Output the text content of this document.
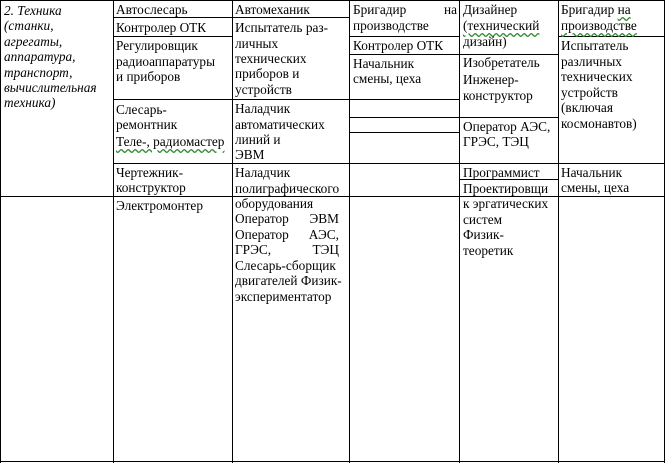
2. Техника
(станки,
агрегаты,
аппаратура,
транспорт,
вычислительная
техника)
Автослесарь
Контролер ОТК
Регулировщик
радиоаппаратуры
и приборов
Слесарь-
ремонтник
Теле-, радиомастер
Чертежник-
конструктор
Электромонтер
Автомеханик
Испытатель раз-
личных
технических
приборов и
устройств
Наладчик
автоматических
линий и
ЭВМ
Наладчик
полиграфического
оборудования
Оператор ЭВМ
Оператор АЭС,
ГРЭС,	ТЭЦ
Слесарь-сборщик
двигателей Физик-
экспериментатор
Бригадир	на
производстве
Контролер ОТК
Начальник
смены, цеха
Дизайнер
(технический
дизайн)
Изобретатель
Инженер-
конструктор
Оператор АЭС,
ГРЭС, ТЭЦ
Программист
Проектировщи
к эргатических
систем
Физик-
теоретик
Бригадир на
производстве
Испытатель
различных
технических
устройств
(включая
космонавтов)
Начальник
смены, цеха
